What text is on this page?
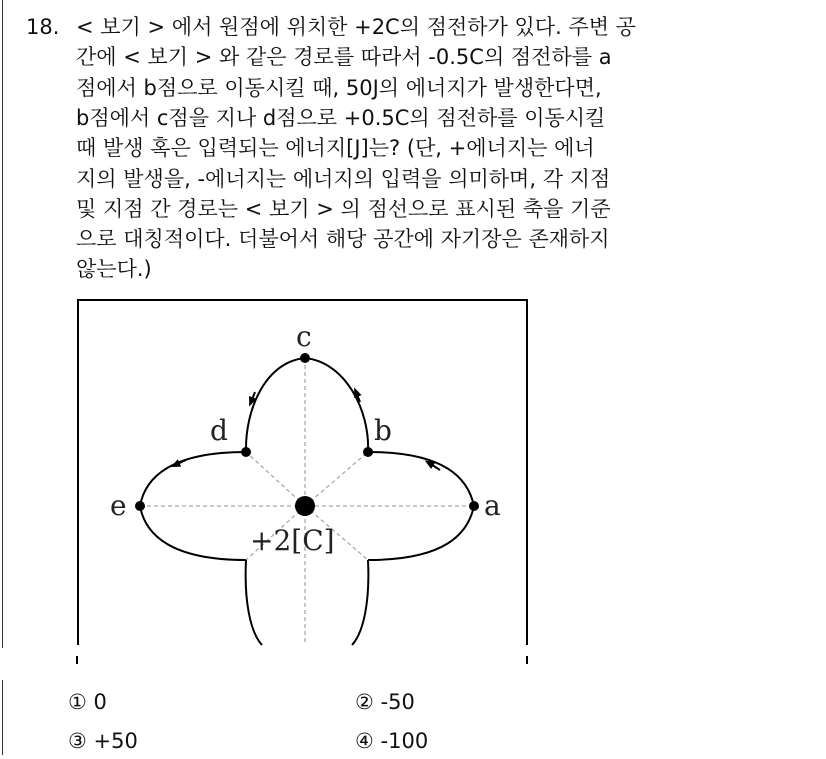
18. < 보기 > 에서 원점에 위치한 +2C의 점전하가 있다. 주변 공
간에 < 보기 > 와 같은 경로를 따라서 -0.5C의 점전하를 a
점에서 b점으로 이동시킬 때, 50J의 에너지가 발생한다면,
b점에서 c점을 지나 d점으로 +0.5C의 점전하를 이동시킬
때 발생 혹은 입력되는 에너지[J]는? (단, +에너지는 에너
지의 발생을, -에너지는 에너지의 입력을 의미하며, 각 지점
및 지점 간 경로는 < 보기 > 의 점선으로 표시된 축을 기준
으로 대칭적이다. 더불어서 해당 공간에 자기장은 존재하지
않는다.)
a
b
c
d
e
+2[C]
① 0	② -50
③ +50	④ -100
